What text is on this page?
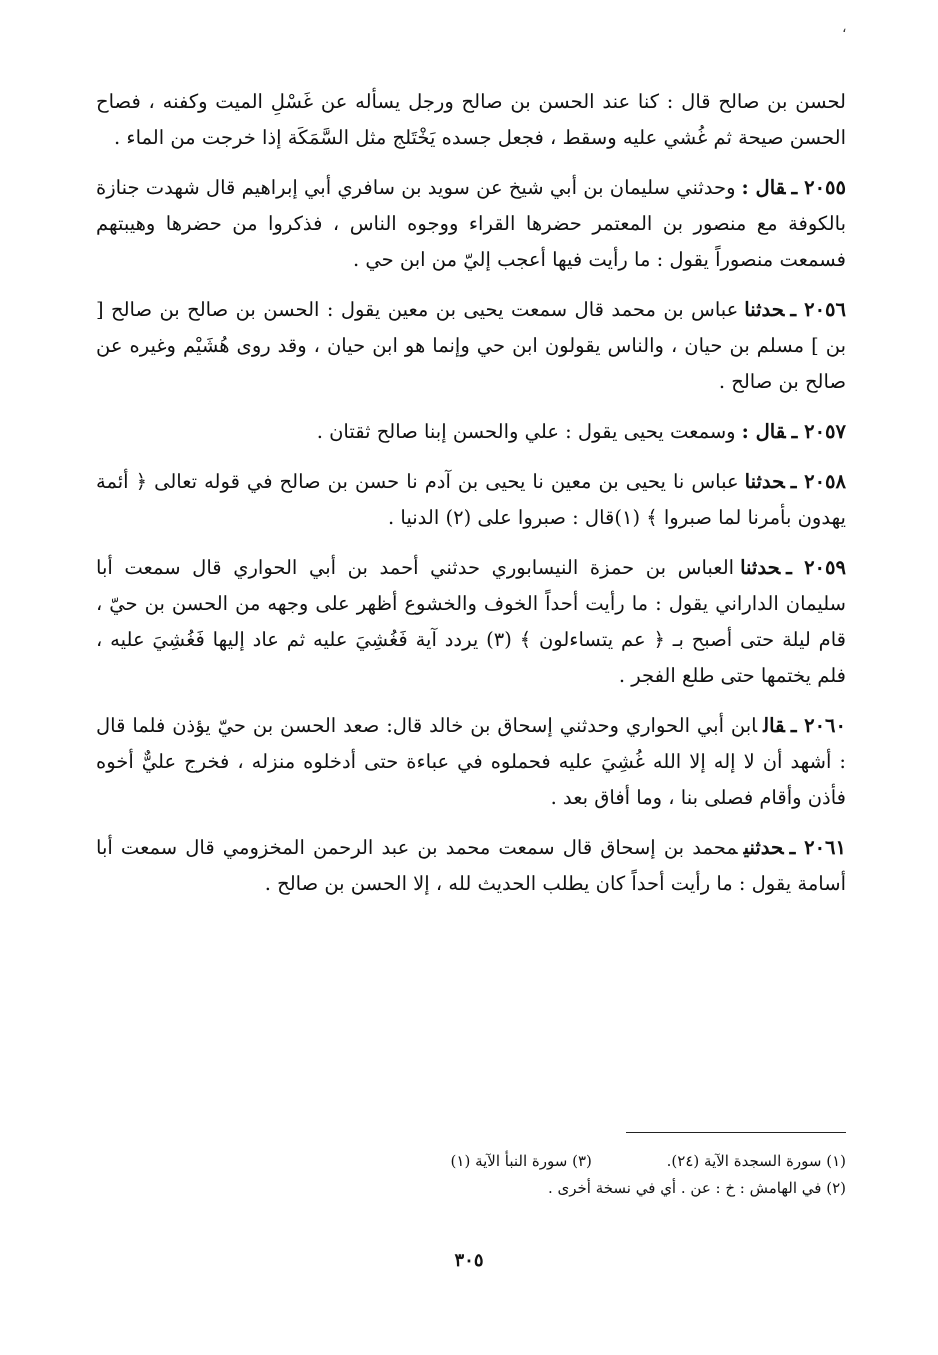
،

لحسن بن صالح قال : كنا عند الحسن بن صالح ورجل يسأله عن غَسْلِ الميت وكفنه ، فصاح الحسن صيحة ثم غُشي عليه وسقط ، فجعل جسده يَخْتَلج مثل السَّمَكَة إذا خرجت من الماء .

٢٠٥٥ ـقال :وحدثني سليمان بن أبي شيخ عن سويد بن سافري أبي إبراهيم قال شهدت جنازة بالكوفة مع منصور بن المعتمر حضرها القراء ووجوه الناس ، فذكروا من حضرها وهيبتهم فسمعت منصوراً يقول : ما رأيت فيها أعجب إليّ من ابن حي .

٢٠٥٦ ـحدثناعباس بن محمد قال سمعت يحيى بن معين يقول : الحسن بن صالح بن صالح [ بن ] مسلم بن حيان ، والناس يقولون ابن حي وإنما هو ابن حيان ، وقد روى هُشَيْم وغيره عن صالح بن صالح .

٢٠٥٧ ـقال :وسمعت يحيى يقول : علي والحسن إبنا صالح ثقتان .

٢٠٥٨ ـحدثناعباس نا يحيى بن معين نا يحيى بن آدم نا حسن بن صالح في قوله تعالى ﴿ أئمة يهدون بأمرنا لما صبروا ﴾ (١)قال : صبروا على (٢) الدنيا .

٢٠٥٩ ـحدثناالعباس بن حمزة النيسابوري حدثني أحمد بن أبي الحواري قال سمعت أبا سليمان الداراني يقول : ما رأيت أحداً الخوف والخشوع أظهر على وجهه من الحسن بن حيّ ، قام ليلة حتى أصبح بـ ﴿ عم يتساءلون ﴾ (٣) يردد آية فَغُشِيَ عليه ثم عاد إليها فَغُشِيَ عليه ، فلم يختمها حتى طلع الفجر .

٢٠٦٠ ـقالابن أبي الحواري وحدثني إسحاق بن خالد قال: صعد الحسن بن حيّ يؤذن فلما قال : أشهد أن لا إله إلا الله غُشِيَ عليه فحملوه في عباءة حتى أدخلوه منزله ، فخرج عليٌّ أخوه فأذن وأقام فصلى بنا ، وما أفاق بعد .

٢٠٦١ ـحدثنيمحمد بن إسحاق قال سمعت محمد بن عبد الرحمن المخزومي قال سمعت أبا أسامة يقول : ما رأيت أحداً كان يطلب الحديث لله ، إلا الحسن بن صالح .

(١) سورة السجدة الآية (٢٤). (٣) سورة النبأ الآية (١)
(٢) في الهامش : خ : عن . أي في نسخة أخرى .
٣٠٥
